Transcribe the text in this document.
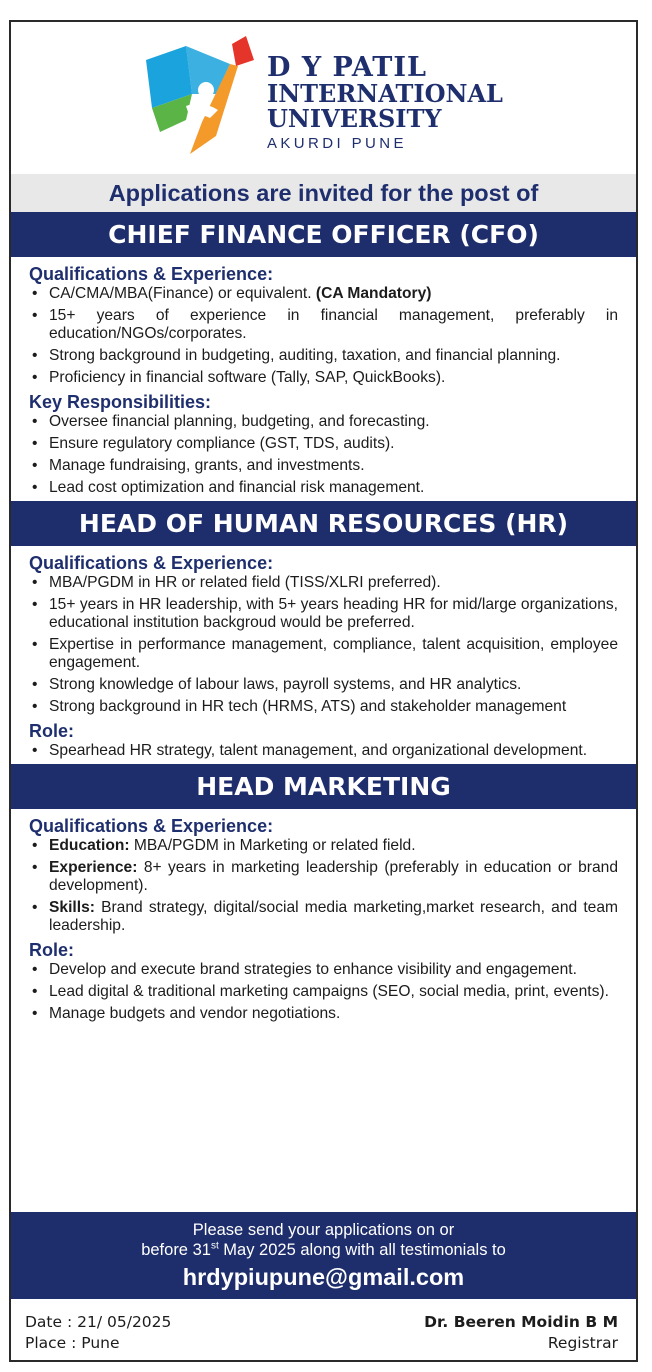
D Y PATIL
INTERNATIONAL
UNIVERSITY
AKURDI PUNE
Applications are invited for the post of
CHIEF FINANCE OFFICER (CFO)
Qualifications & Experience:
• CA/CMA/MBA(Finance) or equivalent. (CA Mandatory)
• 15+ years of experience in financial management, preferably in education/NGOs/corporates.
• Strong background in budgeting, auditing, taxation, and financial planning.
• Proficiency in financial software (Tally, SAP, QuickBooks).
Key Responsibilities:
• Oversee financial planning, budgeting, and forecasting.
• Ensure regulatory compliance (GST, TDS, audits).
• Manage fundraising, grants, and investments.
• Lead cost optimization and financial risk management.
HEAD OF HUMAN RESOURCES (HR)
Qualifications & Experience:
• MBA/PGDM in HR or related field (TISS/XLRI preferred).
• 15+ years in HR leadership, with 5+ years heading HR for mid/large organizations, educational institution backgroud would be preferred.
• Expertise in performance management, compliance, talent acquisition, employee engagement.
• Strong knowledge of labour laws, payroll systems, and HR analytics.
• Strong background in HR tech (HRMS, ATS) and stakeholder management
Role:
• Spearhead HR strategy, talent management, and organizational development.
HEAD MARKETING
Qualifications & Experience:
• Education: MBA/PGDM in Marketing or related field.
• Experience: 8+ years in marketing leadership (preferably in education or brand development).
• Skills: Brand strategy, digital/social media marketing,market research, and team leadership.
Role:
• Develop and execute brand strategies to enhance visibility and engagement.
• Lead digital & traditional marketing campaigns (SEO, social media, print, events).
• Manage budgets and vendor negotiations.
Please send your applications on or
before 31st May 2025 along with all testimonials to
hrdypiupune@gmail.com
Date : 21/ 05/2025
Place : Pune
Dr. Beeren Moidin B M
Registrar
